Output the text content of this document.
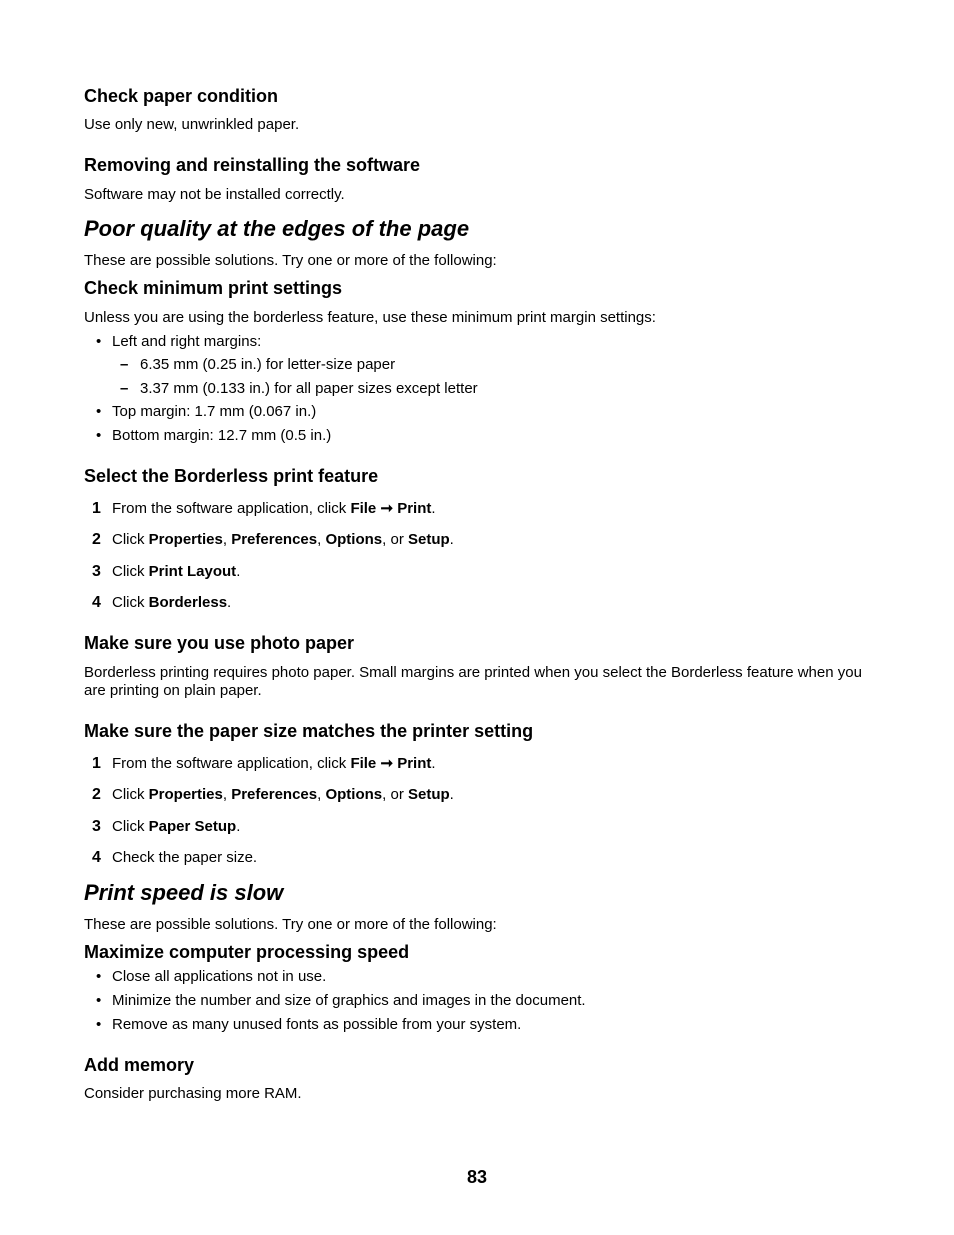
Check paper condition
Use only new, unwrinkled paper.
Removing and reinstalling the software
Software may not be installed correctly.
Poor quality at the edges of the page
These are possible solutions. Try one or more of the following:
Check minimum print settings
Unless you are using the borderless feature, use these minimum print margin settings:
• Left and right margins:
– 6.35 mm (0.25 in.) for letter-size paper
– 3.37 mm (0.133 in.) for all paper sizes except letter
• Top margin: 1.7 mm (0.067 in.)
• Bottom margin: 12.7 mm (0.5 in.)
Select the Borderless print feature
1 From the software application, click File ➞ Print.
2 Click Properties, Preferences, Options, or Setup.
3 Click Print Layout.
4 Click Borderless.
Make sure you use photo paper
Borderless printing requires photo paper. Small margins are printed when you select the Borderless feature when you are printing on plain paper.
Make sure the paper size matches the printer setting
1 From the software application, click File ➞ Print.
2 Click Properties, Preferences, Options, or Setup.
3 Click Paper Setup.
4 Check the paper size.
Print speed is slow
These are possible solutions. Try one or more of the following:
Maximize computer processing speed
• Close all applications not in use.
• Minimize the number and size of graphics and images in the document.
• Remove as many unused fonts as possible from your system.
Add memory
Consider purchasing more RAM.
83
